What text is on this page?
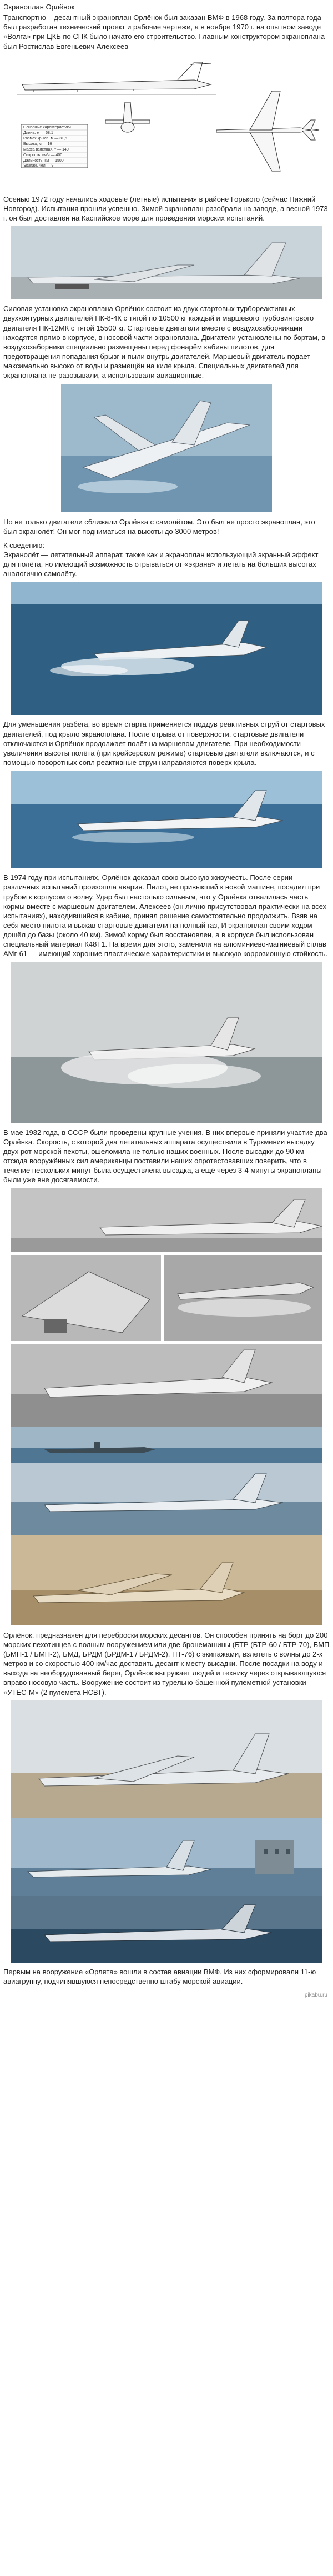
Экраноплан Орлёнок
Транспортно – десантный экраноплан Орлёнок был заказан ВМФ в 1968 году. За полтора года был разработан технический проект и рабочие чертежи, а в ноябре 1970 г. на опытном заводе «Волга» при ЦКБ по СПК было начато его строительство. Главным конструктором экраноплана был Ростислав Евгеньевич Алексеев
Основные характеристики
Длина, м — 58,1
Размах крыла, м — 31,5
Высота, м — 16
Масса взлётная, т — 140
Скорость, км/ч — 400
Дальность, км — 1500
Экипаж, чел — 9
Осенью 1972 году начались ходовые (летные) испытания в районе Горького (сейчас Нижний Новгород). Испытания прошли успешно. Зимой экраноплан разобрали на заводе, а весной 1973 г. он был доставлен на Каспийское море для проведения морских испытаний.
Силовая установка экраноплана Орлёнок состоит из двух стартовых турбореактивных двухконтурных двигателей НК-8-4К с тягой по 10500 кг каждый и маршевого турбовинтового двигателя НК-12МК с тягой 15500 кг. Стартовые двигатели вместе с воздухозаборниками находятся прямо в корпусе, в носовой части экраноплана. Двигатели установлены по бортам, в воздухозаборники специально размещены перед фонарём кабины пилотов, для предотвращения попадания брызг и пыли внутрь двигателей. Маршевый двигатель подает максимально высоко от воды и размещён на киле крыла. Специальных двигателей для экраноплана не разозывали, а использовали авиационные.
Но не только двигатели сближали Орлёнка с самолётом. Это был не просто экраноплан, это был экранолёт! Он мог подниматься на высоты до 3000 метров!
К сведению:
Экранолёт — летательный аппарат, также как и экраноплан использующий экранный эффект для полёта, но имеющий возможность отрываться от «экрана» и летать на больших высотах аналогично самолёту.
Для уменьшения разбега, во время старта применяется поддув реактивных струй от стартовых двигателей, под крыло экраноплана. После отрыва от поверхности, стартовые двигатели отключаются и Орлёнок продолжает полёт на маршевом двигателе. При необходимости увеличения высоты полёта (при крейсерском режиме) стартовые двигатели включаются, и с помощью поворотных сопл реактивные струи направляются поверх крыла.
В 1974 году при испытаниях, Орлёнок доказал свою высокую живучесть. После серии различных испытаний произошла авария. Пилот, не привыкший к новой машине, посадил при грубом к корпусом о волну. Удар был настолько сильным, что у Орлёнка отвалилась часть кормы вместе с маршевым двигателем. Алексеев (он лично присутствовал практически на всех испытаниях), находившийся в кабине, принял решение самостоятельно продолжить. Взяв на себя место пилота и выжав стартовые двигатели на полный газ, И экраноплан своим ходом дошёл до базы (около 40 км). Зимой корму был восстановлен, а в корпусе был использован специальный материал К48Т1. На время для этого, заменили на алюминиево-магниевый сплав АМг-61 — имеющий хорошие пластические характеристики и высокую коррозионную стойкость.
В мае 1982 года, в СССР были проведены крупные учения. В них впервые приняли участие два Орлёнка. Скорость, с которой два летательных аппарата осуществили в Туркмении высадку двух рот морской пехоты, ошеломила не только наших военных. После высадки до 90 км отсюда вооружённых сил американцы поставили наших опротестовавших поверить, что в течение нескольких минут была осуществлена высадка, а ещё через 3-4 минуты экранопланы были уже вне досягаемости.
Орлёнок, предназначен для переброски морских десантов. Он способен принять на борт до 200 морских пехотинцев с полным вооружением или две бронемашины (БТР (БТР-60 / БТР-70), БМП (БМП-1 / БМП-2), БМД, БРДМ (БРДМ-1 / БРДМ-2), ПТ-76) с экипажами, взлететь с волны до 2-х метров и со скоростью 400 км/час доставить десант к месту высадки. После посадки на воду и выхода на необорудованный берег, Орлёнок выгружает людей и технику через открывающуюся вправо носовую часть. Вооружение состоит из турельно-башенной пулеметной установки «УТЁС-М» (2 пулемета НСВТ).
Первым на вооружение «Орлята» вошли в состав авиации ВМФ. Из них сформировали 11-ю авиагруппу, подчинявшуюся непосредственно штабу морской авиации.
pikabu.ru
